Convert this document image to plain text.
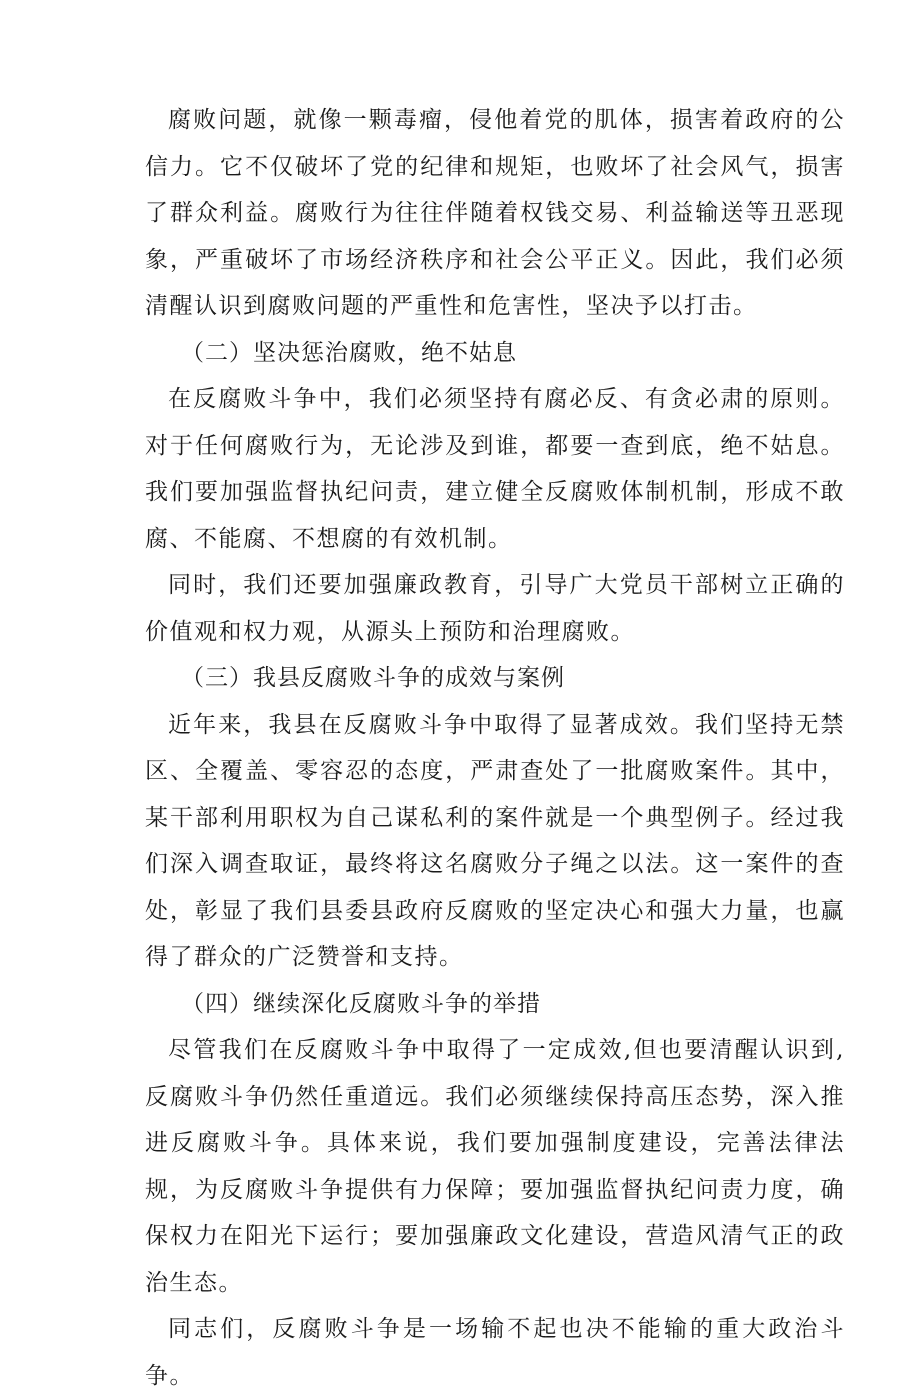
腐败问题，就像一颗毒瘤，侵他着党的肌体，损害着政府的公信力。它不仅破坏了党的纪律和规矩，也败坏了社会风气，损害了群众利益。腐败行为往往伴随着权钱交易、利益输送等丑恶现象，严重破坏了市场经济秩序和社会公平正义。因此，我们必须清醒认识到腐败问题的严重性和危害性，坚决予以打击。

（二）坚决惩治腐败，绝不姑息

在反腐败斗争中，我们必须坚持有腐必反、有贪必肃的原则。对于任何腐败行为，无论涉及到谁，都要一查到底，绝不姑息。我们要加强监督执纪问责，建立健全反腐败体制机制，形成不敢腐、不能腐、不想腐的有效机制。

同时，我们还要加强廉政教育，引导广大党员干部树立正确的价值观和权力观，从源头上预防和治理腐败。

（三）我县反腐败斗争的成效与案例

近年来，我县在反腐败斗争中取得了显著成效。我们坚持无禁区、全覆盖、零容忍的态度，严肃查处了一批腐败案件。其中，某干部利用职权为自己谋私利的案件就是一个典型例子。经过我们深入调查取证，最终将这名腐败分子绳之以法。这一案件的查处，彰显了我们县委县政府反腐败的坚定决心和强大力量，也赢得了群众的广泛赞誉和支持。

（四）继续深化反腐败斗争的举措

尽管我们在反腐败斗争中取得了一定成效,但也要清醒认识到,反腐败斗争仍然任重道远。我们必须继续保持高压态势，深入推进反腐败斗争。具体来说，我们要加强制度建设，完善法律法规，为反腐败斗争提供有力保障；要加强监督执纪问责力度，确保权力在阳光下运行；要加强廉政文化建设，营造风清气正的政治生态。

同志们，反腐败斗争是一场输不起也决不能输的重大政治斗争。
